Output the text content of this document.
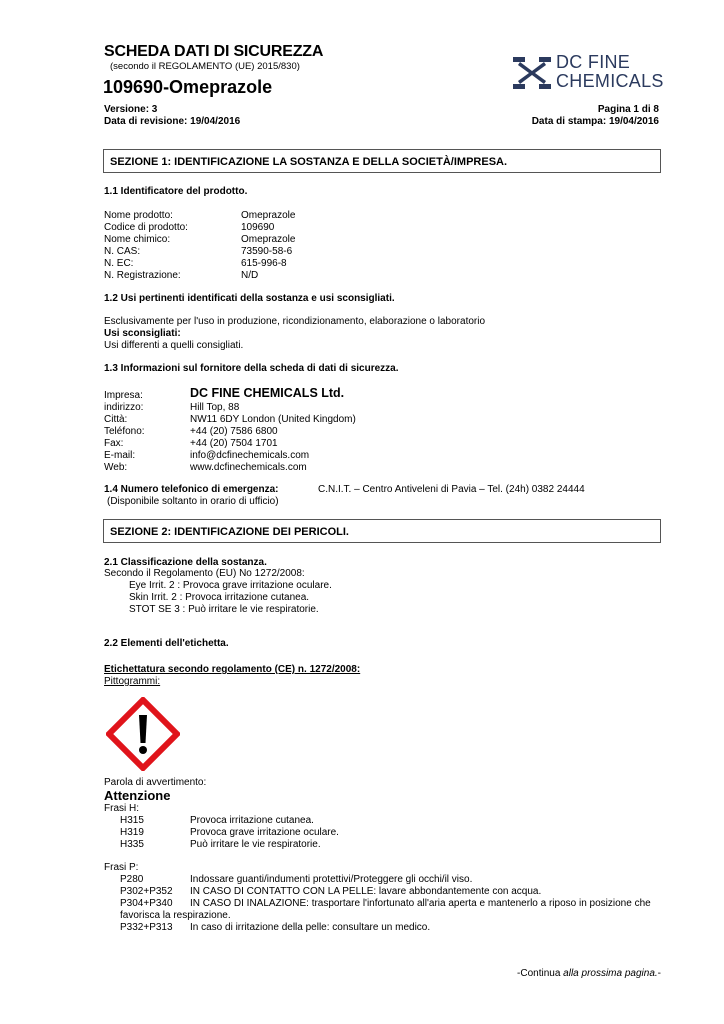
SCHEDA DATI DI SICUREZZA
(secondo il REGOLAMENTO (UE) 2015/830)
109690-Omeprazole
DC FINE
CHEMICALS
Versione: 3
Data di revisione: 19/04/2016
Pagina 1 di 8
Data di stampa: 19/04/2016
SEZIONE 1: IDENTIFICAZIONE LA SOSTANZA E DELLA SOCIETÀ/IMPRESA.
1.1 Identificatore del prodotto.
Nome prodotto:	Omeprazole
Codice di prodotto:	109690
Nome chimico:	Omeprazole
N. CAS:	73590-58-6
N. EC:	615-996-8
N. Registrazione:	N/D
1.2 Usi pertinenti identificati della sostanza e usi sconsigliati.
Esclusivamente per l'uso in produzione, ricondizionamento, elaborazione o laboratorio
Usi sconsigliati:
Usi differenti a quelli consigliati.
1.3 Informazioni sul fornitore della scheda di dati di sicurezza.
Impresa:	DC FINE CHEMICALS Ltd.
indirizzo:	Hill Top, 88
Città:	NW11 6DY London (United Kingdom)
Teléfono:	+44 (20) 7586 6800
Fax:	+44 (20) 7504 1701
E-mail:	info@dcfinechemicals.com
Web:	www.dcfinechemicals.com
1.4 Numero telefonico di emergenza:	C.N.I.T. – Centro Antiveleni di Pavia – Tel. (24h) 0382 24444
(Disponibile soltanto in orario di ufficio)
SEZIONE 2: IDENTIFICAZIONE DEI PERICOLI.
2.1 Classificazione della sostanza.
Secondo il Regolamento (EU) No 1272/2008:
Eye Irrit. 2 : Provoca grave irritazione oculare.
Skin Irrit. 2 : Provoca irritazione cutanea.
STOT SE 3 : Può irritare le vie respiratorie.
2.2 Elementi dell'etichetta.
Etichettatura secondo regolamento (CE) n. 1272/2008:
Pittogrammi:
Parola di avvertimento:
Attenzione
Frasi H:
H315	Provoca irritazione cutanea.
H319	Provoca grave irritazione oculare.
H335	Può irritare le vie respiratorie.
Frasi P:
P280	Indossare guanti/indumenti protettivi/Proteggere gli occhi/il viso.
P302+P352	IN CASO DI CONTATTO CON LA PELLE: lavare abbondantemente con acqua.
P304+P340	IN CASO DI INALAZIONE: trasportare l'infortunato all'aria aperta e mantenerlo a riposo in posizione che
favorisca la respirazione.
P332+P313	In caso di irritazione della pelle: consultare un medico.
-Continua alla prossima pagina.-
